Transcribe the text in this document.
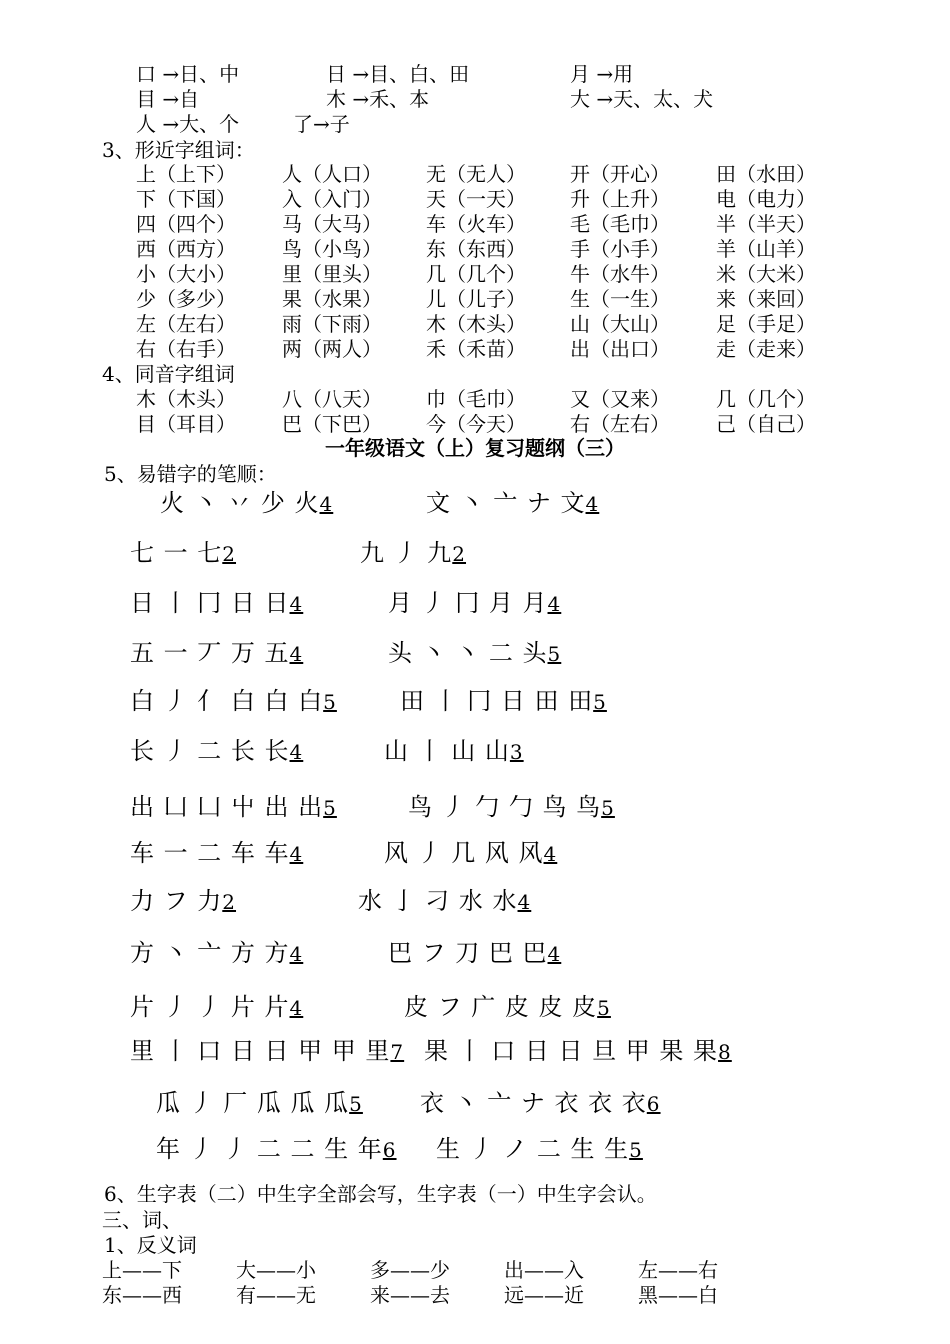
口 →日、中	日 →目、白、田	月 →用
目 →自	木 →禾、本	大 →天、太、犬
人 →大、个	了→子
3、形近字组词：
上（上下） 人（人口） 无（无人） 开（开心） 田（水田）
下（下国） 入（入门） 天（一天） 升（上升） 电（电力）
四（四个） 马（大马） 车（火车） 毛（毛巾） 半（半天）
西（西方） 鸟（小鸟） 东（东西） 手（小手） 羊（山羊）
小（大小） 里（里头） 几（几个） 牛（水牛） 米（大米）
少（多少） 果（水果） 儿（儿子） 生（一生） 来（来回）
左（左右） 雨（下雨） 木（木头） 山（大山） 足（手足）
右（右手） 两（两人） 禾（禾苗） 出（出口） 走（走来）
4、同音字组词
木（木头） 八（八天） 巾（毛巾） 又（又来） 几（几个）
目（耳目） 巴（下巴） 今（今天） 右（左右） 己（自己）
一年级语文（上）复习题纲（三）
5、易错字的笔顺：
火 丶 丷 少 火4	文 丶 亠 ナ 文4
七 一 七2	九 丿 九2
日 丨 冂 日 日4	月 丿 冂 月 月4
五 一 丆 万 五4	头 丶 丶 二 头5
白 丿 亻 白 白 白5	田 丨 冂 日 田 田5
长 丿 二 长 长4	山 丨 山 山3
出 凵 凵 屮 出 出5	鸟 丿 勹 勹 鸟 鸟5
车 一 二 车 车4	风 丿 几 风 风4
力 フ 力2	水 亅 刁 水 水4
方 丶 亠 方 方4	巴 フ 刀 巴 巴4
片 丿 丿 片 片4	皮 フ 广 皮 皮 皮5
里 丨 口 日 日 甲 甲 里7 果 丨 口 日 日 旦 甲 果 果8
瓜 丿 厂 瓜 瓜 瓜5 衣 丶 亠 ナ 衣 衣 衣6
年 丿 丿 二 二 生 年6 生 丿 ノ 二 生 生5
6、生字表（二）中生字全部会写，生字表（一）中生字会认。
三、词、
1、反义词
上——下	大——小	多——少	出——入	左——右
东——西	有——无	来——去	远——近	黑——白
